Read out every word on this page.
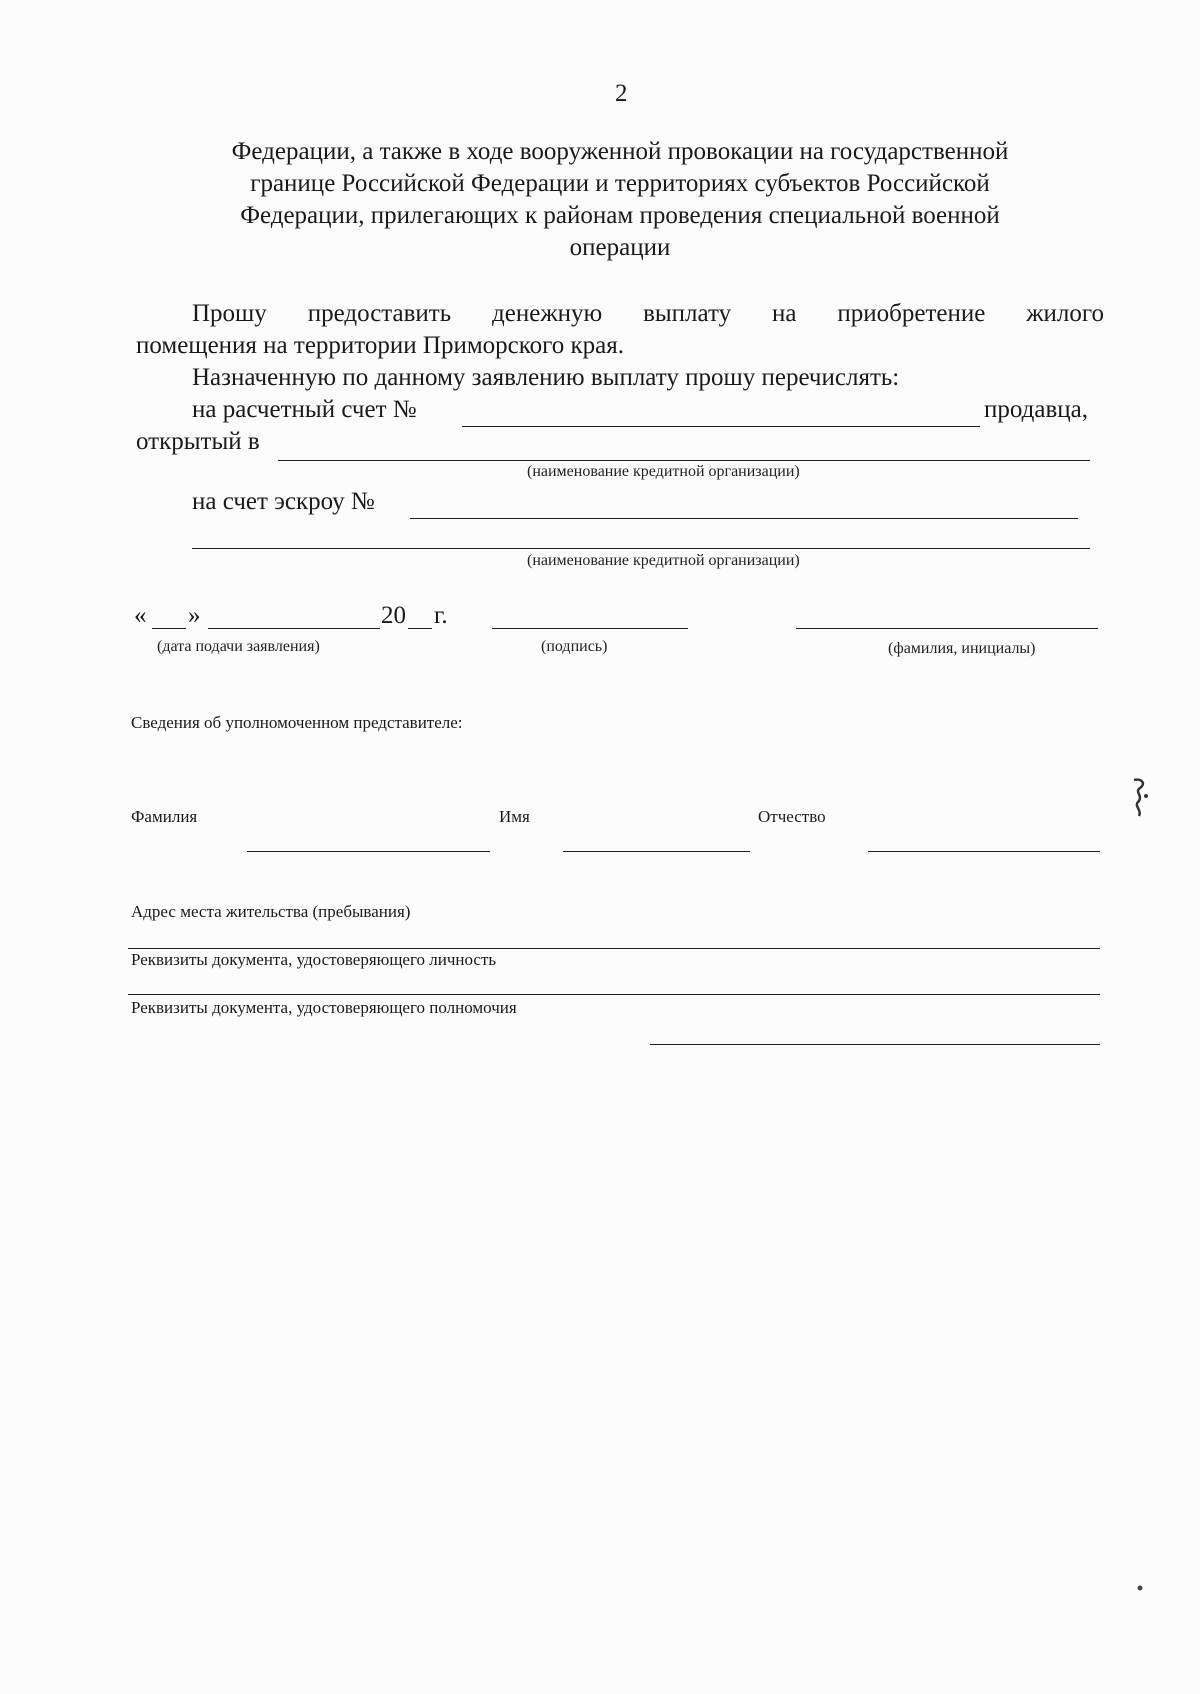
2
Федерации, а также в ходе вооруженной провокации на государственной
границе Российской Федерации и территориях субъектов Российской
Федерации, прилегающих к районам проведения специальной военной
операции
Прошу предоставить денежную выплату на приобретение жилого
помещения на территории Приморского края.
Назначенную по данному заявлению выплату прошу перечислять:
на расчетный счет №	продавца,
открытый в
(наименование кредитной организации)
на счет эскроу №
(наименование кредитной организации)
« »	20 г.
(дата подачи заявления)	(подпись)	(фамилия, инициалы)
Сведения об уполномоченном представителе:
Фамилия	Имя	Отчество
Адрес места жительства (пребывания)
Реквизиты документа, удостоверяющего личность
Реквизиты документа, удостоверяющего полномочия
